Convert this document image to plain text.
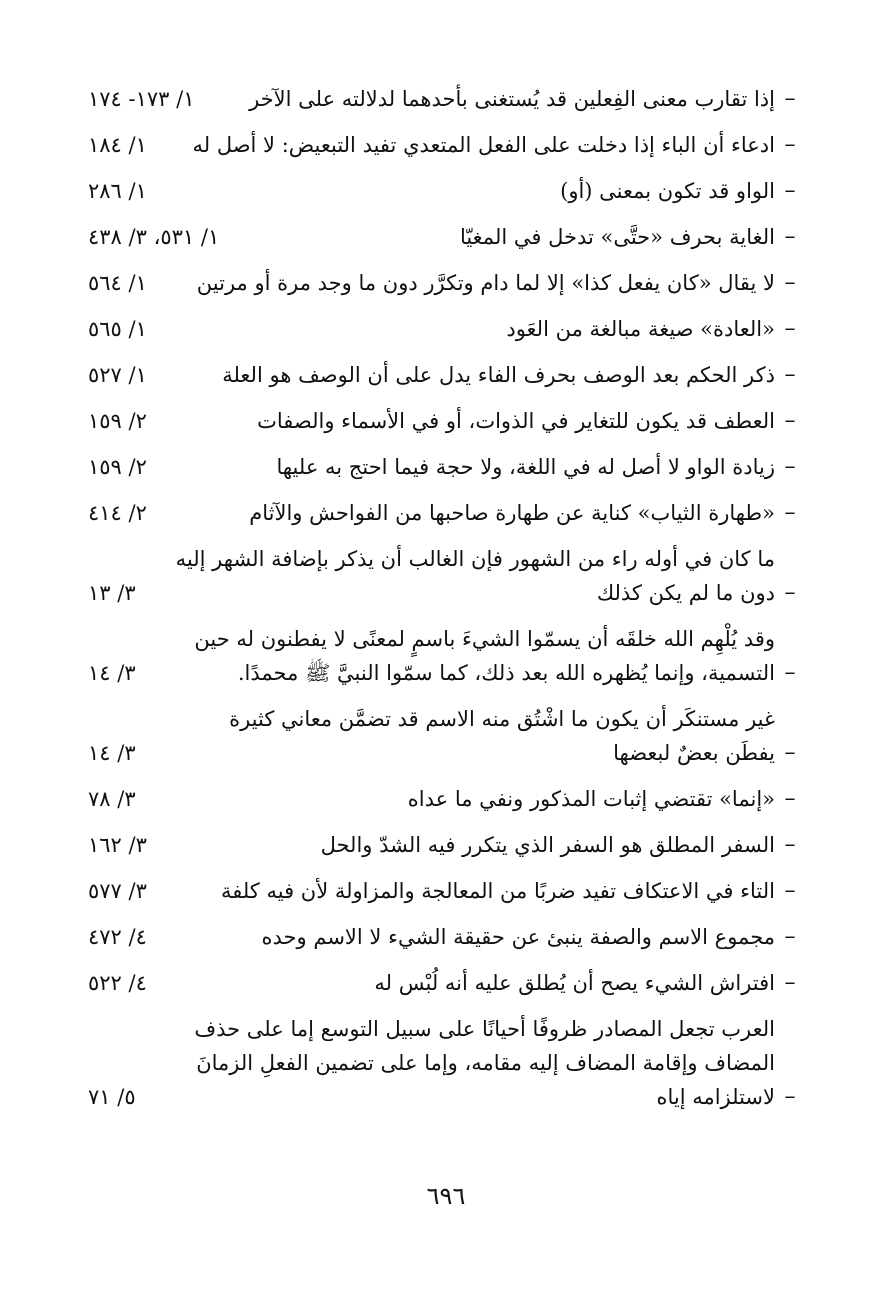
–
إذا تقارب معنى الفِعلين قد يُستغنى بأحدهما لدلالته على الآخر
١/ ١٧٣- ١٧٤
–
ادعاء أن الباء إذا دخلت على الفعل المتعدي تفيد التبعيض: لا أصل له
١/ ١٨٤
–
الواو قد تكون بمعنى (أو)
١/ ٢٨٦
–
الغاية بحرف «حتَّى» تدخل في المغيّا
١/ ٥٣١، ٣/ ٤٣٨
–
لا يقال «كان يفعل كذا» إلا لما دام وتكرَّر دون ما وجد مرة أو مرتين
١/ ٥٦٤
–
«العادة» صيغة مبالغة من العَود
١/ ٥٦٥
–
ذكر الحكم بعد الوصف بحرف الفاء يدل على أن الوصف هو العلة
١/ ٥٢٧
–
العطف قد يكون للتغاير في الذوات، أو في الأسماء والصفات
٢/ ١٥٩
–
زيادة الواو لا أصل له في اللغة، ولا حجة فيما احتج به عليها
٢/ ١٥٩
–
«طهارة الثياب» كناية عن طهارة صاحبها من الفواحش والآثام
٢/ ٤١٤
–
ما كان في أوله راء من الشهور فإن الغالب أن يذكر بإضافة الشهر إليه دون ما لم يكن كذلك
٣/ ١٣
–
وقد يُلْهِم الله خلقَه أن يسمّوا الشيءَ باسمٍ لمعنًى لا يفطنون له حين التسمية، وإنما يُظهره الله بعد ذلك، كما سمّوا النبيَّ ﷺ محمدًا.
٣/ ١٤
–
غير مستنكَر أن يكون ما اشْتُق منه الاسم قد تضمَّن معاني كثيرة يفطَن بعضٌ لبعضها
٣/ ١٤
–
«إنما» تقتضي إثبات المذكور ونفي ما عداه
٣/ ٧٨
–
السفر المطلق هو السفر الذي يتكرر فيه الشدّ والحل
٣/ ١٦٢
–
التاء في الاعتكاف تفيد ضربًا من المعالجة والمزاولة لأن فيه كلفة
٣/ ٥٧٧
–
مجموع الاسم والصفة ينبئ عن حقيقة الشيء لا الاسم وحده
٤/ ٤٧٢
–
افتراش الشيء يصح أن يُطلق عليه أنه لُبْس له
٤/ ٥٢٢
–
العرب تجعل المصادر ظروفًا أحيانًا على سبيل التوسع إما على حذف المضاف وإقامة المضاف إليه مقامه، وإما على تضمين الفعلِ الزمانَ لاستلزامه إياه
٥/ ٧١
٦٩٦
